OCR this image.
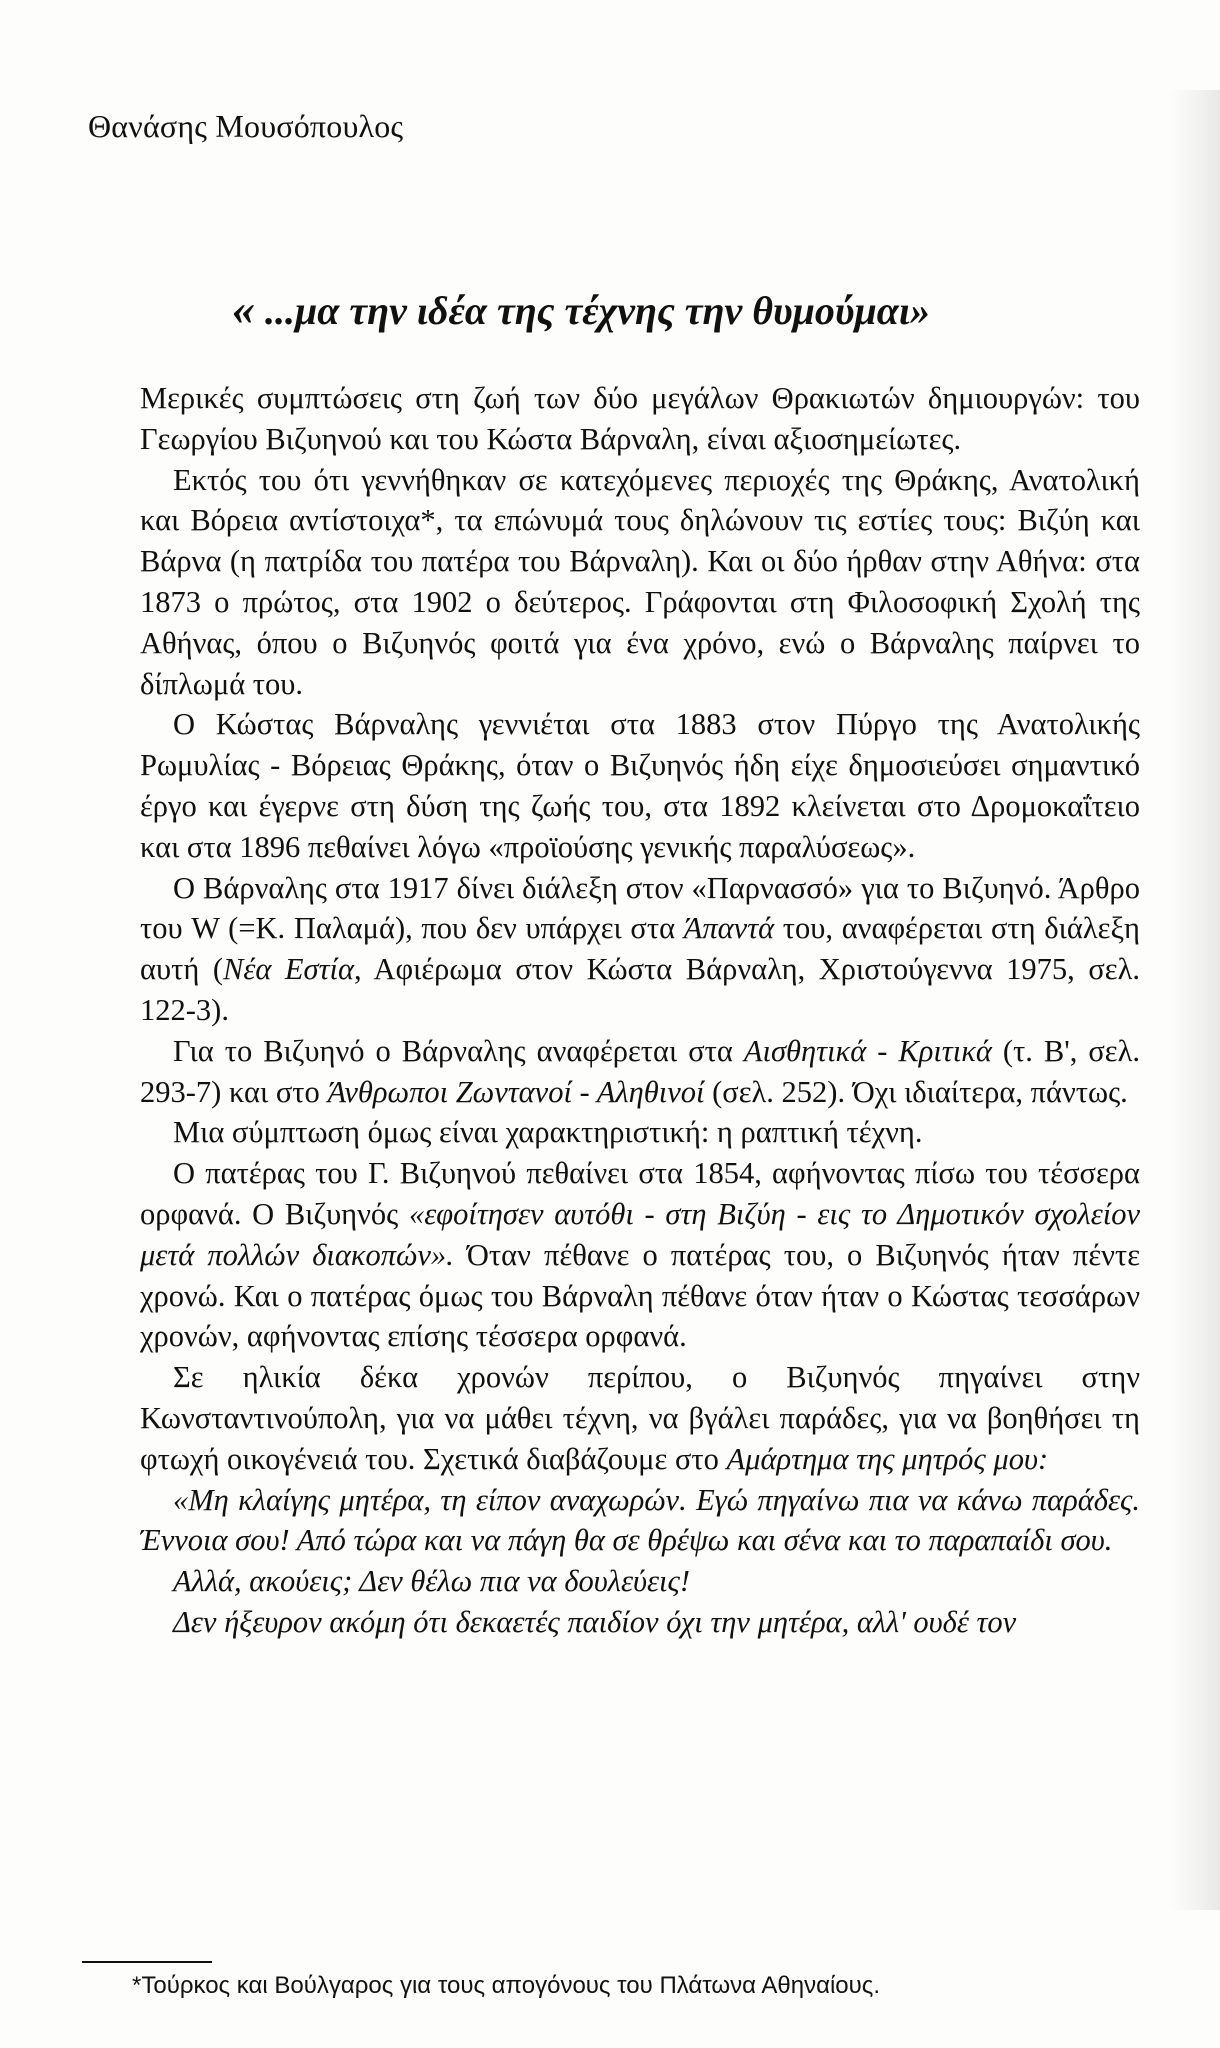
Θανάσης Μουσόπουλος
« ...μα την ιδέα της τέχνης την θυμούμαι»

Μερικές συμπτώσεις στη ζωή των δύο μεγάλων Θρακιωτών δημιουργών: του Γεωργίου Βιζυηνού και του Κώστα Βάρναλη, είναι αξιοσημείωτες.

Εκτός του ότι γεννήθηκαν σε κατεχόμενες περιοχές της Θράκης, Ανατολική και Βόρεια αντίστοιχα*, τα επώνυμά τους δηλώνουν τις εστίες τους: Βιζύη και Βάρνα (η πατρίδα του πατέρα του Βάρναλη). Και οι δύο ήρθαν στην Αθήνα: στα 1873 ο πρώτος, στα 1902 ο δεύτερος. Γράφονται στη Φιλοσοφική Σχολή της Αθήνας, όπου ο Βιζυηνός φοιτά για ένα χρόνο, ενώ ο Βάρναλης παίρνει το δίπλωμά του.

Ο Κώστας Βάρναλης γεννιέται στα 1883 στον Πύργο της Ανατολικής Ρωμυλίας - Βόρειας Θράκης, όταν ο Βιζυηνός ήδη είχε δημοσιεύσει σημαντικό έργο και έγερνε στη δύση της ζωής του, στα 1892 κλείνεται στο Δρομοκαΐτειο και στα 1896 πεθαίνει λόγω «προϊούσης γενικής παραλύσεως».

Ο Βάρναλης στα 1917 δίνει διάλεξη στον «Παρνασσό» για το Βιζυηνό. Άρθρο του W (=Κ. Παλαμά), που δεν υπάρχει στα Άπαντά του, αναφέρεται στη διάλεξη αυτή (Νέα Εστία, Αφιέρωμα στον Κώστα Βάρναλη, Χριστούγεννα 1975, σελ. 122-3).

Για το Βιζυηνό ο Βάρναλης αναφέρεται στα Αισθητικά - Κριτικά (τ. Β', σελ. 293-7) και στο Άνθρωποι Ζωντανοί - Αληθινοί (σελ. 252). Όχι ιδιαίτερα, πάντως.

Μια σύμπτωση όμως είναι χαρακτηριστική: η ραπτική τέχνη.

Ο πατέρας του Γ. Βιζυηνού πεθαίνει στα 1854, αφήνοντας πίσω του τέσσερα ορφανά. Ο Βιζυηνός «εφοίτησεν αυτόθι - στη Βιζύη - εις το Δημοτικόν σχολείον μετά πολλών διακοπών». Όταν πέθανε ο πατέρας του, ο Βιζυηνός ήταν πέντε χρονώ. Και ο πατέρας όμως του Βάρναλη πέθανε όταν ήταν ο Κώστας τεσσάρων χρονών, αφήνοντας επίσης τέσσερα ορφανά.

Σε ηλικία δέκα χρονών περίπου, ο Βιζυηνός πηγαίνει στην Κωνσταντινούπολη, για να μάθει τέχνη, να βγάλει παράδες, για να βοηθήσει τη φτωχή οικογένειά του. Σχετικά διαβάζουμε στο Αμάρτημα της μητρός μου:

«Μη κλαίγης μητέρα, τη είπον αναχωρών. Εγώ πηγαίνω πια να κάνω παράδες. Έννοια σου! Από τώρα και να πάγη θα σε θρέψω και σένα και το παραπαίδι σου.

Αλλά, ακούεις; Δεν θέλω πια να δουλεύεις!

Δεν ήξευρον ακόμη ότι δεκαετές παιδίον όχι την μητέρα, αλλ' ουδέ τον

*Τούρκος και Βούλγαρος για τους απογόνους του Πλάτωνα Αθηναίους.
